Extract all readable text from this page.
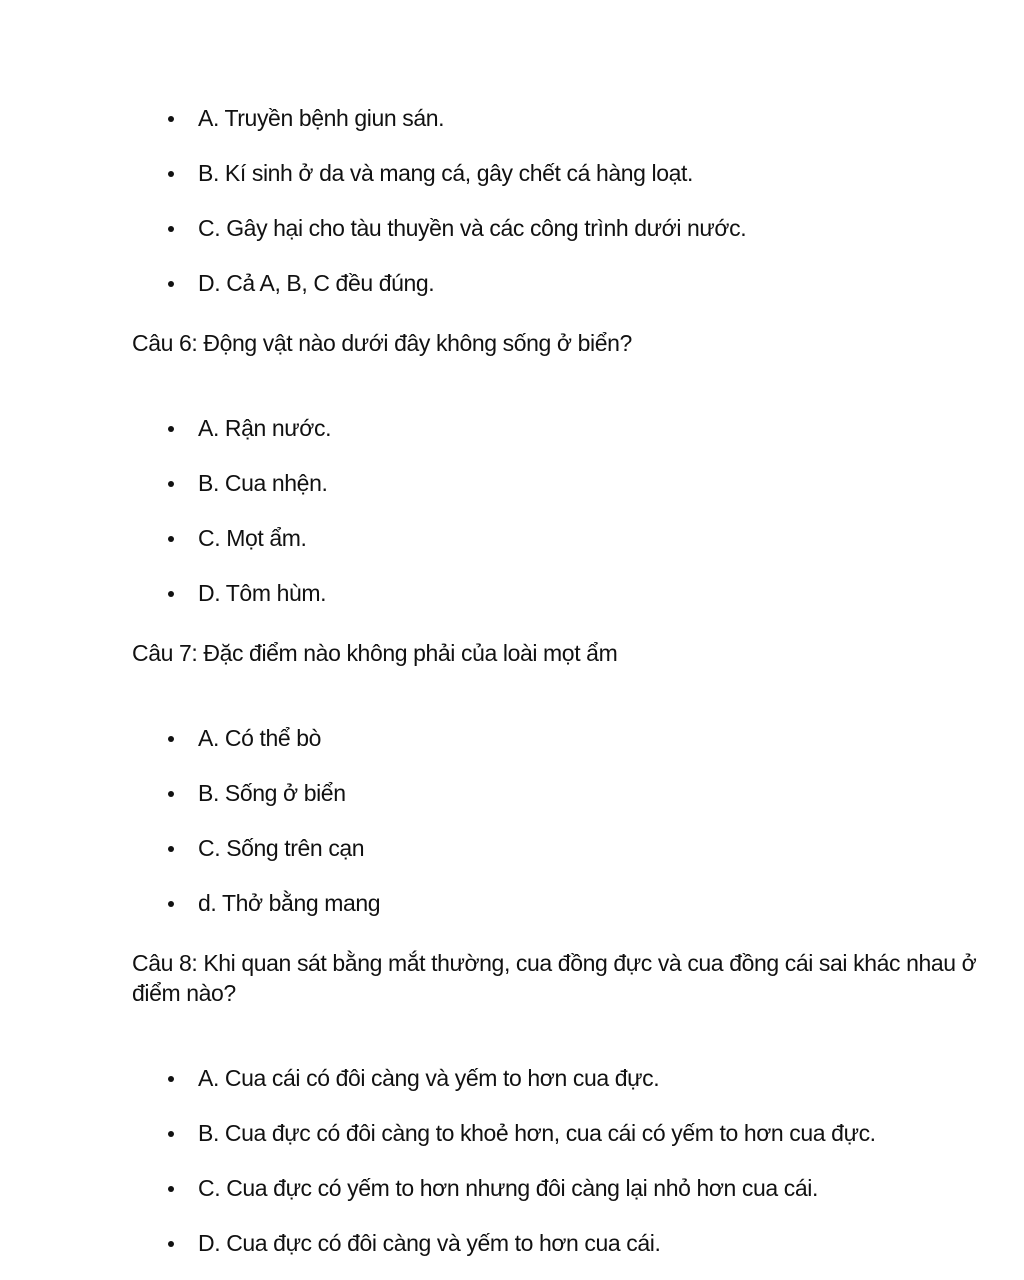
A. Truyền bệnh giun sán.
B. Kí sinh ở da và mang cá, gây chết cá hàng loạt.
C. Gây hại cho tàu thuyền và các công trình dưới nước.
D. Cả A, B, C đều đúng.
Câu 6: Động vật nào dưới đây không sống ở biển?
A. Rận nước.
B. Cua nhện.
C. Mọt ẩm.
D. Tôm hùm.
Câu 7: Đặc điểm nào không phải của loài mọt ẩm
A. Có thể bò
B. Sống ở biển
C. Sống trên cạn
d. Thở bằng mang
Câu 8: Khi quan sát bằng mắt thường, cua đồng đực và cua đồng cái sai khác nhau ở
điểm nào?
A. Cua cái có đôi càng và yếm to hơn cua đực.
B. Cua đực có đôi càng to khoẻ hơn, cua cái có yếm to hơn cua đực.
C. Cua đực có yếm to hơn nhưng đôi càng lại nhỏ hơn cua cái.
D. Cua đực có đôi càng và yếm to hơn cua cái.
